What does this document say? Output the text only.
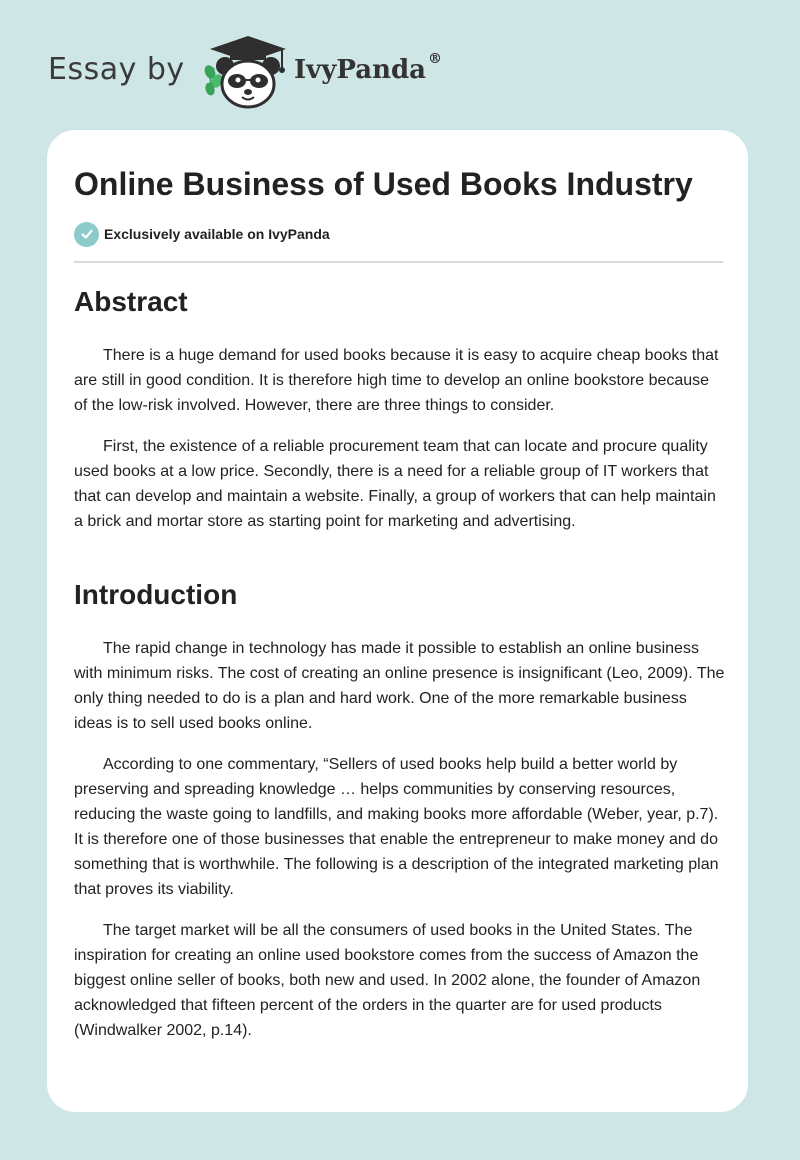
Essay by	IvyPanda ®
Online Business of Used Books Industry
Exclusively available on IvyPanda
Abstract

There is a huge demand for used books because it is easy to acquire cheap books that are still in good condition. It is therefore high time to develop an online bookstore because of the low-risk involved. However, there are three things to consider.

First, the existence of a reliable procurement team that can locate and procure quality used books at a low price. Secondly, there is a need for a reliable group of IT workers that that can develop and maintain a website. Finally, a group of workers that can help maintain a brick and mortar store as starting point for marketing and advertising.

Introduction

The rapid change in technology has made it possible to establish an online business with minimum risks. The cost of creating an online presence is insignificant (Leo, 2009). The only thing needed to do is a plan and hard work. One of the more remarkable business ideas is to sell used books online.

According to one commentary, “Sellers of used books help build a better world by preserving and spreading knowledge … helps communities by conserving resources, reducing the waste going to landfills, and making books more affordable (Weber, year, p.7). It is therefore one of those businesses that enable the entrepreneur to make money and do something that is worthwhile. The following is a description of the integrated marketing plan that proves its viability.

The target market will be all the consumers of used books in the United States. The inspiration for creating an online used bookstore comes from the success of Amazon the biggest online seller of books, both new and used. In 2002 alone, the founder of Amazon acknowledged that fifteen percent of the orders in the quarter are for used products (Windwalker 2002, p.14).
